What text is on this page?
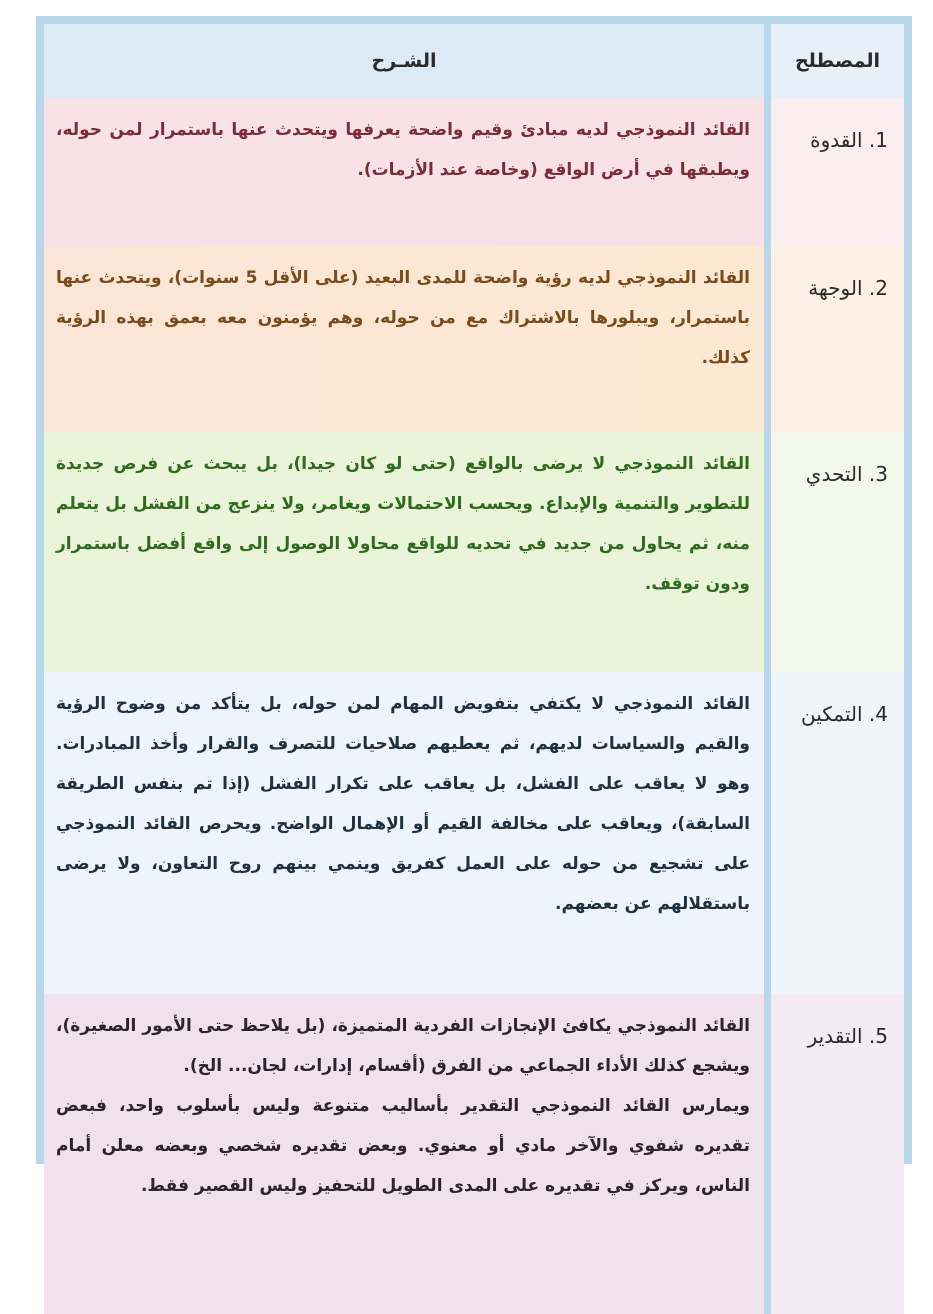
المصطلح		الشـرح
1. القدوة		القائد النموذجي لديه مبادئ وقيم واضحة يعرفها ويتحدث عنها باستمرار لمن حوله، ويطبقها في أرض الواقع (وخاصة عند الأزمات).
2. الوجهة		القائد النموذجي لديه رؤية واضحة للمدى البعيد (على الأقل 5 سنوات)، ويتحدث عنها باستمرار، ويبلورها بالاشتراك مع من حوله، وهم يؤمنون معه بعمق بهذه الرؤية كذلك.
3. التحدي		القائد النموذجي لا يرضى بالواقع (حتى لو كان جيدا)، بل يبحث عن فرص جديدة للتطوير والتنمية والإبداع. ويحسب الاحتمالات ويغامر، ولا ينزعج من الفشل بل يتعلم منه، ثم يحاول من جديد في تحديه للواقع محاولا الوصول إلى واقع أفضل باستمرار ودون توقف.
4. التمكين		القائد النموذجي لا يكتفي بتفويض المهام لمن حوله، بل يتأكد من وضوح الرؤية والقيم والسياسات لديهم، ثم يعطيهم صلاحيات للتصرف والقرار وأخذ المبادرات. وهو لا يعاقب على الفشل، بل يعاقب على تكرار الفشل (إذا تم بنفس الطريقة السابقة)، ويعاقب على مخالفة القيم أو الإهمال الواضح. ويحرص القائد النموذجي على تشجيع من حوله على العمل كفريق وينمي بينهم روح التعاون، ولا يرضى باستقلالهم عن بعضهم.
5. التقدير		القائد النموذجي يكافئ الإنجازات الفردية المتميزة، (بل يلاحظ حتى الأمور الصغيرة)، ويشجع كذلك الأداء الجماعي من الفرق (أقسام، إدارات، لجان... الخ).

ويمارس القائد النموذجي التقدير بأساليب متنوعة وليس بأسلوب واحد، فبعض تقديره شفوي والآخر مادي أو معنوي. وبعض تقديره شخصي وبعضه معلن أمام الناس، ويركز في تقديره على المدى الطويل للتحفيز وليس القصير فقط.
